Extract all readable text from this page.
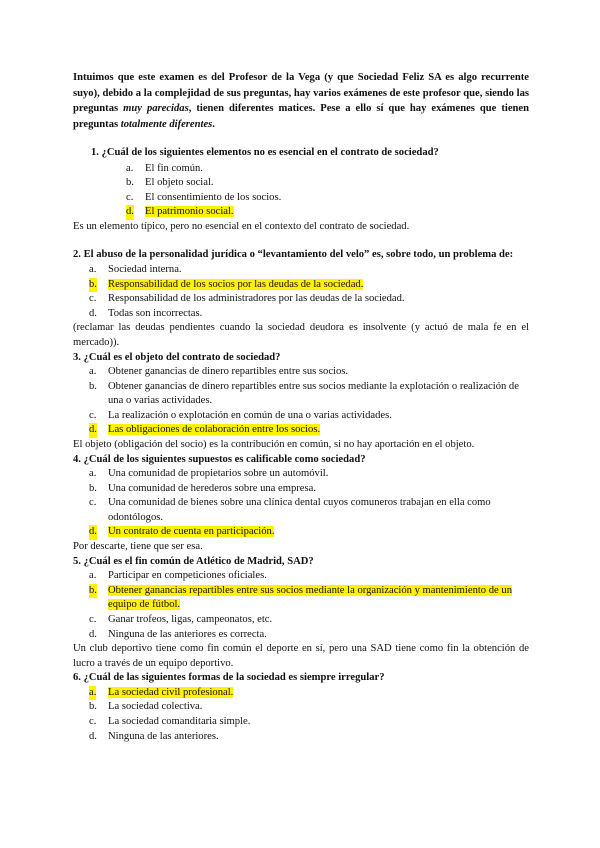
Intuimos que este examen es del Profesor de la Vega (y que Sociedad Feliz SA es algo recurrente suyo), debido a la complejidad de sus preguntas, hay varios exámenes de este profesor que, siendo las preguntas muy parecidas, tienen diferentes matices. Pese a ello sí que hay exámenes que tienen preguntas totalmente diferentes.

1. ¿Cuál de los siguientes elementos no es esencial en el contrato de sociedad?

a. El fin común.
b. El objeto social.
c. El consentimiento de los socios.
d. El patrimonio social.

Es un elemento típico, pero no esencial en el contexto del contrato de sociedad.

2. El abuso de la personalidad jurídica o “levantamiento del velo” es, sobre todo, un problema de:

a. Sociedad interna.
b. Responsabilidad de los socios por las deudas de la sociedad.
c. Responsabilidad de los administradores por las deudas de la sociedad.
d. Todas son incorrectas.

(reclamar las deudas pendientes cuando la sociedad deudora es insolvente (y actuó de mala fe en el mercado)).

3. ¿Cuál es el objeto del contrato de sociedad?

a. Obtener ganancias de dinero repartibles entre sus socios.
b. Obtener ganancias de dinero repartibles entre sus socios mediante la explotación o realización de una o varias actividades.
c. La realización o explotación en común de una o varias actividades.
d. Las obligaciones de colaboración entre los socios.

El objeto (obligación del socio) es la contribución en común, si no hay aportación en el objeto.

4. ¿Cuál de los siguientes supuestos es calificable como sociedad?

a. Una comunidad de propietarios sobre un automóvil.
b. Una comunidad de herederos sobre una empresa.
c. Una comunidad de bienes sobre una clínica dental cuyos comuneros trabajan en ella como odontólogos.
d. Un contrato de cuenta en participación.

Por descarte, tiene que ser esa.

5. ¿Cuál es el fin común de Atlético de Madrid, SAD?

a. Participar en competiciones oficiales.
b. Obtener ganancias repartibles entre sus socios mediante la organización y mantenimiento de un equipo de fútbol.
c. Ganar trofeos, ligas, campeonatos, etc.
d. Ninguna de las anteriores es correcta.

Un club deportivo tiene como fin común el deporte en sí, pero una SAD tiene como fin la obtención de lucro a través de un equipo deportivo.

6. ¿Cuál de las siguientes formas de la sociedad es siempre irregular?

a. La sociedad civil profesional.
b. La sociedad colectiva.
c. La sociedad comanditaria simple.
d. Ninguna de las anteriores.
